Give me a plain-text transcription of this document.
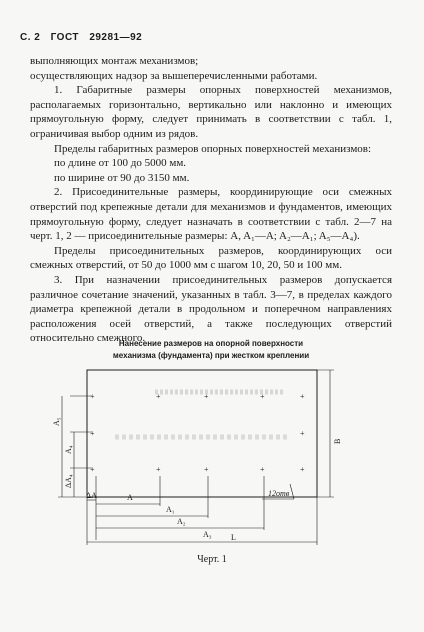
С. 2 ГОСТ 29281—92

выполняющих монтаж механизмов;

осуществляющих надзор за вышеперечисленными работами.

1. Габаритные размеры опорных поверхностей механизмов, располагаемых горизонтально, вертикально или наклонно и имеющих прямоугольную форму, следует принимать в соответствии с табл. 1, ограничивая выбор одним из рядов.

Пределы габаритных размеров опорных поверхностей механизмов:

по длине от 100 до 5000 мм.

по ширине от 90 до 3150 мм.

2. Присоединительные размеры, координирующие оси смежных отверстий под крепежные детали для механизмов и фундаментов, имеющих прямоугольную форму, следует назначать в соответствии с табл. 2—7 на черт. 1, 2 — присоединительные размеры: A, A₁—A; A₂—A₁; A₅—A₄).

Пределы присоединительных размеров, координирующих оси смежных отверстий, от 50 до 1000 мм с шагом 10, 20, 50 и 100 мм.

3. При назначении присоединительных размеров допускается различное сочетание значений, указанных в табл. 3—7, в пределах каждого диаметра крепежной детали в продольном и поперечном направлениях расположения осей отверстий, а также последующих отверстий относительно смежного.

Нанесение размеров на опорной поверхности
механизма (фундамента) при жестком креплении
+	+	+	+	+
+	+
+	+	+	+	+
A₅
A₄
ΔA₄
B
ΔA	A
A₁
A₂
A₃ L
12отв
Черт. 1
